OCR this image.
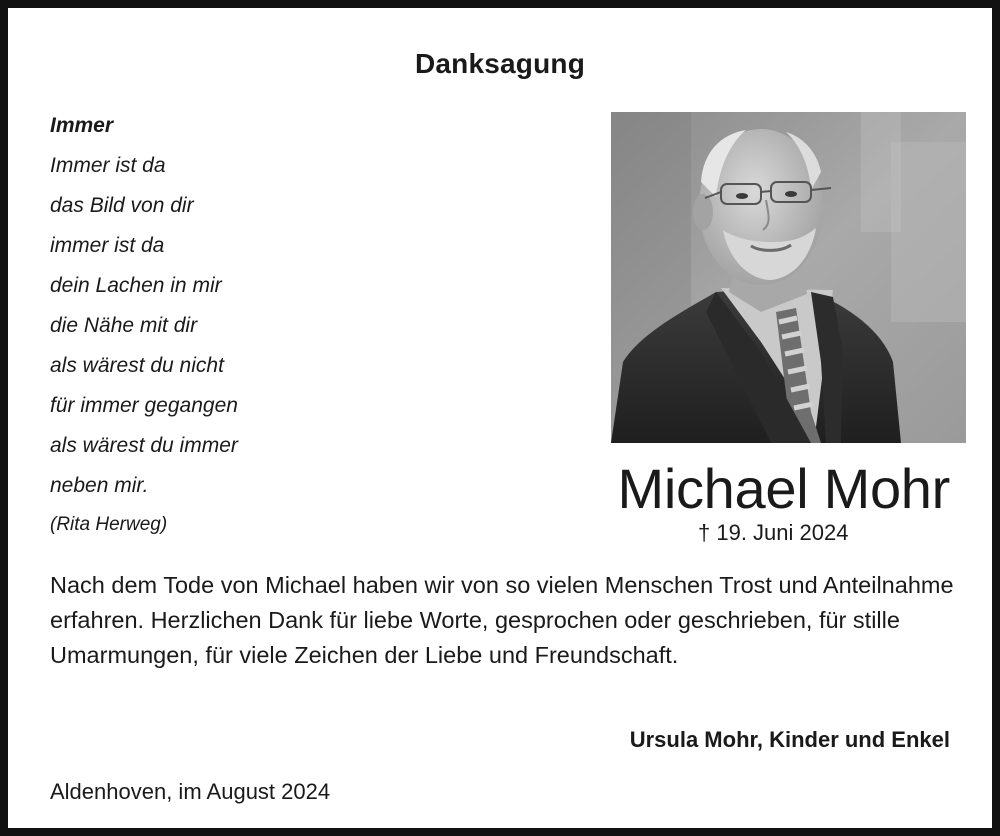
Danksagung
Immer
Immer ist da
das Bild von dir
immer ist da
dein Lachen in mir
die Nähe mit dir
als wärest du nicht
für immer gegangen
als wärest du immer
neben mir.
(Rita Herweg)
Michael Mohr
† 19. Juni 2024

Nach dem Tode von Michael haben wir von so vielen Menschen Trost und Anteilnahme erfahren. Herzlichen Dank für liebe Worte, gesprochen oder geschrieben, für stille Umarmungen, für viele Zeichen der Liebe und Freundschaft.

Ursula Mohr, Kinder und Enkel
Aldenhoven, im August 2024
